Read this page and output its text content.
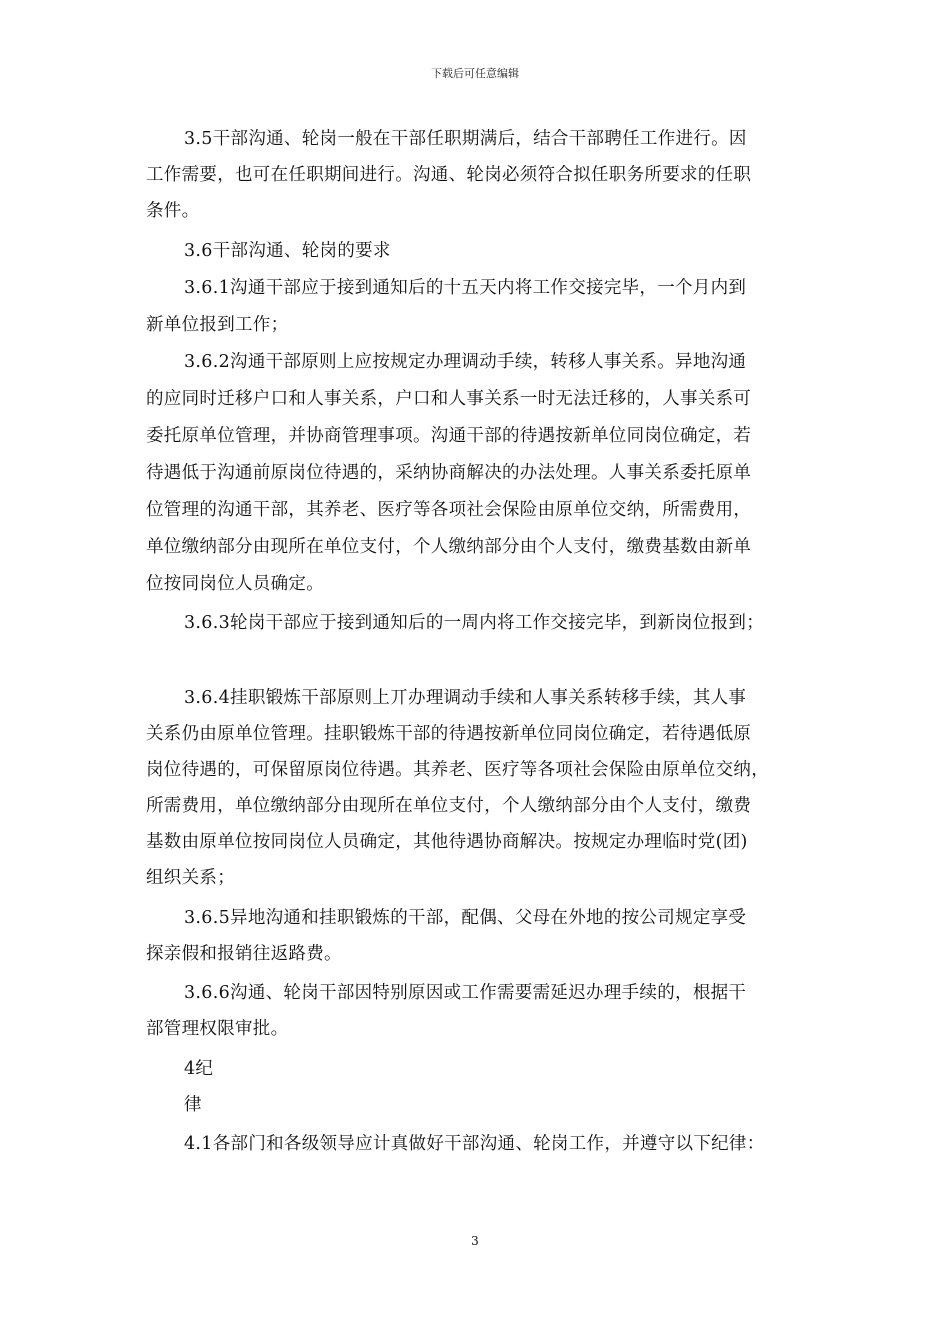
下载后可任意编辑
3.5干部沟通、轮岗一般在干部任职期满后，结合干部聘任工作进行。因
工作需要，也可在任职期间进行。沟通、轮岗必须符合拟任职务所要求的任职
条件。
3.6干部沟通、轮岗的要求
3.6.1沟通干部应于接到通知后的十五天内将工作交接完毕，一个月内到
新单位报到工作；
3.6.2沟通干部原则上应按规定办理调动手续，转移人事关系。异地沟通
的应同时迁移户口和人事关系，户口和人事关系一时无法迁移的，人事关系可
委托原单位管理，并协商管理事项。沟通干部的待遇按新单位同岗位确定，若
待遇低于沟通前原岗位待遇的，采纳协商解决的办法处理。人事关系委托原单
位管理的沟通干部，其养老、医疗等各项社会保险由原单位交纳，所需费用，
单位缴纳部分由现所在单位支付，个人缴纳部分由个人支付，缴费基数由新单
位按同岗位人员确定。
3.6.3轮岗干部应于接到通知后的一周内将工作交接完毕，到新岗位报到；
3.6.4挂职锻炼干部原则上丌办理调动手续和人事关系转移手续，其人事
关系仍由原单位管理。挂职锻炼干部的待遇按新单位同岗位确定，若待遇低原
岗位待遇的，可保留原岗位待遇。其养老、医疗等各项社会保险由原单位交纳，
所需费用，单位缴纳部分由现所在单位支付，个人缴纳部分由个人支付，缴费
基数由原单位按同岗位人员确定，其他待遇协商解决。按规定办理临时党(团)
组织关系；
3.6.5异地沟通和挂职锻炼的干部，配偶、父母在外地的按公司规定享受
探亲假和报销往返路费。
3.6.6沟通、轮岗干部因特别原因或工作需要需延迟办理手续的，根据干
部管理权限审批。
4纪
律
4.1各部门和各级领导应计真做好干部沟通、轮岗工作，并遵守以下纪律：
3
